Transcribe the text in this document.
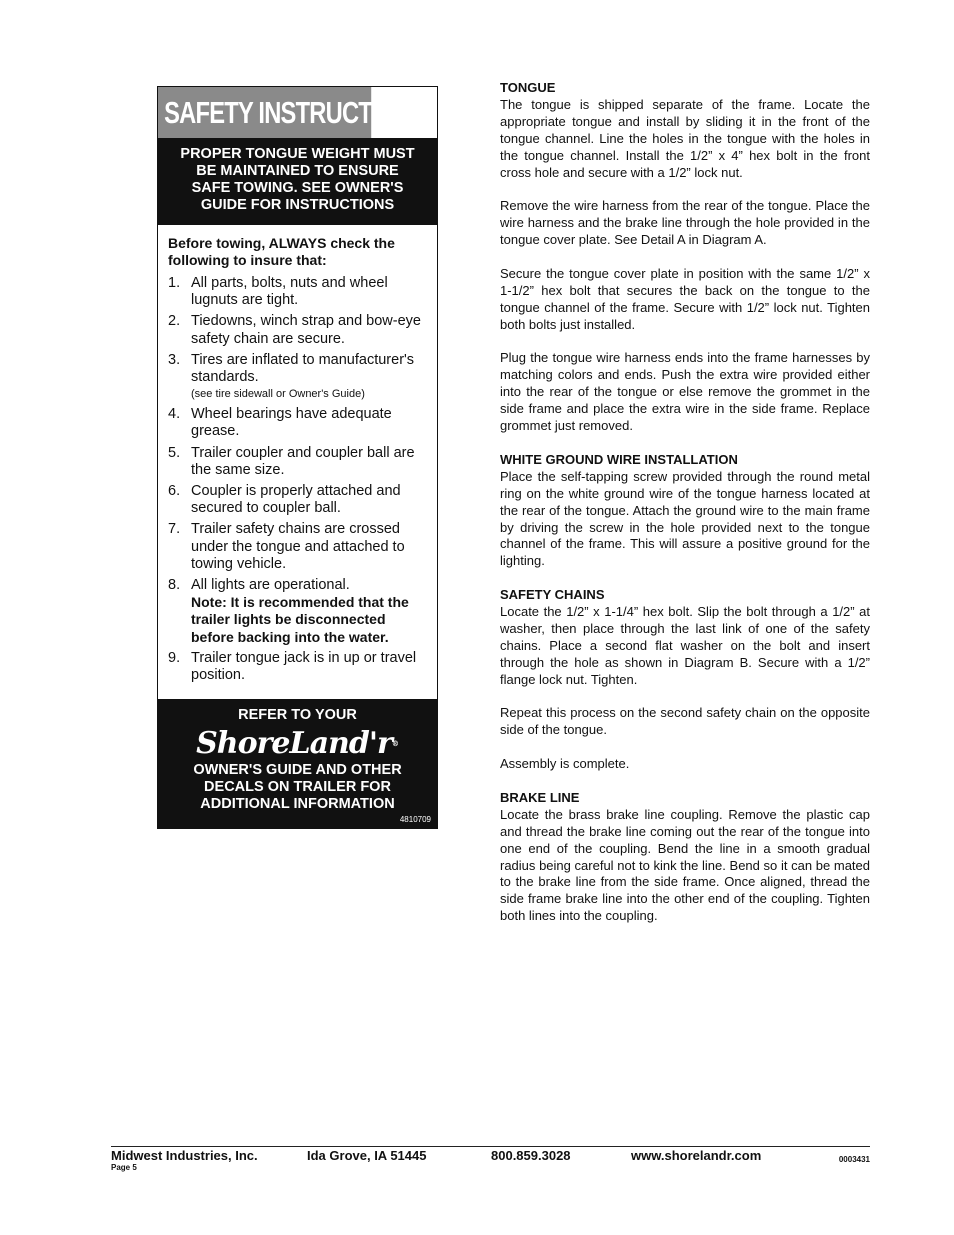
SAFETY INSTRUCTIONS
PROPER TONGUE WEIGHT MUST
BE MAINTAINED TO ENSURE
SAFE TOWING. SEE OWNER'S
GUIDE FOR INSTRUCTIONS
Before towing, ALWAYS check the following to insure that:
1. All parts, bolts, nuts and wheel lugnuts are tight.
2. Tiedowns, winch strap and bow-eye safety chain are secure.
3. Tires are inflated to manufacturer's standards.
(see tire sidewall or Owner's Guide)
4. Wheel bearings have adequate grease.
5. Trailer coupler and coupler ball are the same size.
6. Coupler is properly attached and secured to coupler ball.
7. Trailer safety chains are crossed under the tongue and attached to towing vehicle.
8. All lights are operational.
Note: It is recommended that the trailer lights be disconnected before backing into the water.
9. Trailer tongue jack is in up or travel position.
REFER TO YOUR
ShoreLand'r®
OWNER'S GUIDE AND OTHER
DECALS ON TRAILER FOR
ADDITIONAL INFORMATION
4810709
TONGUE

The tongue is shipped separate of the frame. Locate the appropriate tongue and install by sliding it in the front of the tongue channel. Line the holes in the tongue with the holes in the tongue channel. Install the 1/2” x 4” hex bolt in the front cross hole and secure with a 1/2” lock nut.

Remove the wire harness from the rear of the tongue. Place the wire harness and the brake line through the hole provided in the tongue cover plate. See Detail A in Diagram A.

Secure the tongue cover plate in position with the same 1/2” x 1-1/2” hex bolt that secures the back on the tongue to the tongue channel of the frame. Secure with 1/2” lock nut. Tighten both bolts just installed.

Plug the tongue wire harness ends into the frame harnesses by matching colors and ends. Push the extra wire provided either into the rear of the tongue or else remove the grommet in the side frame and place the extra wire in the side frame. Replace grommet just removed.

WHITE GROUND WIRE INSTALLATION

Place the self-tapping screw provided through the round metal ring on the white ground wire of the tongue harness located at the rear of the tongue. Attach the ground wire to the main frame by driving the screw in the hole provided next to the tongue channel of the frame. This will assure a positive ground for the lighting.

SAFETY CHAINS

Locate the 1/2” x 1-1/4” hex bolt. Slip the bolt through a 1/2” at washer, then place through the last link of one of the safety chains. Place a second flat washer on the bolt and insert through the hole as shown in Diagram B. Secure with a 1/2” flange lock nut. Tighten.

Repeat this process on the second safety chain on the opposite side of the tongue.

Assembly is complete.

BRAKE LINE

Locate the brass brake line coupling. Remove the plastic cap and thread the brake line coming out the rear of the tongue into one end of the coupling. Bend the line in a smooth gradual radius being careful not to kink the line. Bend so it can be mated to the brake line from the side frame. Once aligned, thread the side frame brake line into the other end of the coupling. Tighten both lines into the coupling.

Midwest Industries, Inc.	Ida Grove, IA 51445	800.859.3028	www.shorelandr.com	0003431
Page 5
